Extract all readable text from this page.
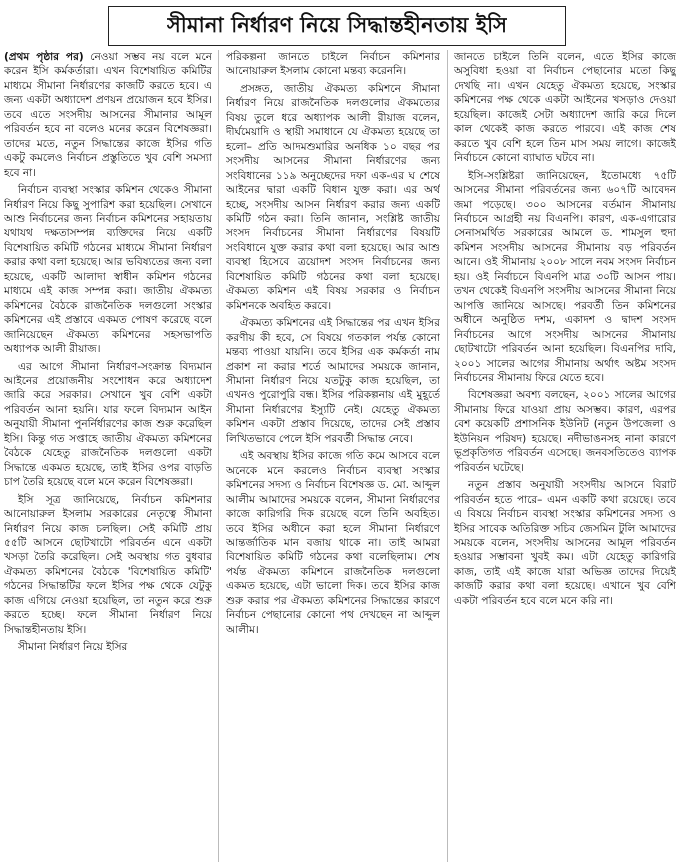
সীমানা নির্ধারণ নিয়ে সিদ্ধান্তহীনতায় ইসি

(প্রথম পৃষ্ঠার পর) নেওয়া সম্ভব নয় বলে মনে করেন ইসি কর্মকর্তারা। এখন বিশেষায়িত কমিটির মাধ্যমে সীমানা নির্ধারণের কাজটি করতে হবে। এ জন্য একটা অধ্যাদেশ প্রণয়ন প্রয়োজন হবে ইসির। তবে এতে সংসদীয় আসনের সীমানার আমূল পরিবর্তন হবে না বলেও মনের করেন বিশেষজ্ঞরা। তাদের মতে, নতুন সিদ্ধান্তের কাজে ইসির গতি একটু কমলেও নির্বাচন প্রস্তুতিতে খুব বেশি সমস্যা হবে না।

নির্বাচন ব্যবস্থা সংস্কার কমিশন থেকেও সীমানা নির্ধারণ নিয়ে কিছু সুপারিশ করা হয়েছিল। সেখানে আশু নির্বাচনের জন্য নির্বাচন কমিশনের সহায়তায় যথাযথ দক্ষতাসম্পন্ন ব্যক্তিদের নিয়ে একটি বিশেষায়িত কমিটি গঠনের মাধ্যমে সীমানা নির্ধারণ করার কথা বলা হয়েছে। আর ভবিষ্যতের জন্য বলা হয়েছে, একটি আলাদা স্বাধীন কমিশন গঠনের মাধ্যমে এই কাজ সম্পন্ন করা। জাতীয় ঐকমত্য কমিশনের বৈঠকে রাজনৈতিক দলগুলো সংস্কার কমিশনের এই প্রস্তাবে একমত পোষণ করেছে বলে জানিয়েছেন ঐকমত্য কমিশনের সহসভাপতি অধ্যাপক আলী রীয়াজ।

এর আগে সীমানা নির্ধারণ-সংক্রান্ত বিদ্যমান আইনের প্রয়োজনীয় সংশোধন করে অধ্যাদেশ জারি করে সরকার। সেখানে খুব বেশি একটা পরিবর্তন আনা হয়নি। যার ফলে বিদ্যমান আইন অনুযায়ী সীমানা পুনর্নির্ধারণের কাজ শুরু করেছিল ইসি। কিন্তু গত সপ্তাহে জাতীয় ঐকমত্য কমিশনের বৈঠকে যেহেতু রাজনৈতিক দলগুলো একটা সিদ্ধান্তে একমত হয়েছে, তাই ইসির ওপর বাড়তি চাপ তৈরি হয়েছে বলে মনে করেন বিশেষজ্ঞরা।

ইসি সূত্র জানিয়েছে, নির্বাচন কমিশনার আনোয়ারুল ইসলাম সরকারের নেতৃত্বে সীমানা নির্ধারণ নিয়ে কাজ চলছিল। সেই কমিটি প্রায় ৫৫টি আসনে ছোটখাটো পরিবর্তন এনে একটা খসড়া তৈরি করেছিল। সেই অবস্থায় গত বুধবার ঐকমত্য কমিশনের বৈঠকে 'বিশেষায়িত কমিটি' গঠনের সিদ্ধান্তটির ফলে ইসির পক্ষ থেকে যেটুকু কাজ এগিয়ে নেওয়া হয়েছিল, তা নতুন করে শুরু করতে হচ্ছে। ফলে সীমানা নির্ধারণ নিয়ে সিদ্ধান্তহীনতায় ইসি।

সীমানা নির্ধারণ নিয়ে ইসির

পরিকল্পনা জানতে চাইলে নির্বাচন কমিশনার আনোয়ারুল ইসলাম কোনো মন্তব্য করেননি।

প্রসঙ্গত, জাতীয় ঐকমত্য কমিশনে সীমানা নির্ধারণ নিয়ে রাজনৈতিক দলগুলোর ঐকমত্যের বিষয় তুলে ধরে অধ্যাপক আলী রীয়াজ বলেন, দীর্ঘমেয়াদি ও স্থায়ী সমাধানে যে ঐকমত্য হয়েছে তা হলো– প্রতি আদমশুমারির অনধিক ১০ বছর পর সংসদীয় আসনের সীমানা নির্ধারণের জন্য সংবিধানের ১১৯ অনুচ্ছেদের দফা এক-এর ঘ শেষে আইনের দ্বারা একটি বিধান যুক্ত করা। এর অর্থ হচ্ছে, সংসদীয় আসন নির্ধারণ করার জন্য একটি কমিটি গঠন করা। তিনি জানান, সংশ্লিষ্ট জাতীয় সংসদ নির্বাচনের সীমানা নির্ধারণের বিষয়টি সংবিধানে যুক্ত করার কথা বলা হয়েছে। আর আশু ব্যবস্থা হিসেবে ত্রয়োদশ সংসদ নির্বাচনের জন্য বিশেষায়িত কমিটি গঠনের কথা বলা হয়েছে। ঐকমত্য কমিশন এই বিষয় সরকার ও নির্বাচন কমিশনকে অবহিত করবে।

ঐকমত্য কমিশনের এই সিদ্ধান্তের পর এখন ইসির করণীয় কী হবে, সে বিষয়ে গতকাল পর্যন্ত কোনো মন্তব্য পাওয়া যায়নি। তবে ইসির এক কর্মকর্তা নাম প্রকাশ না করার শর্তে আমাদের সময়কে জানান, সীমানা নির্ধারণ নিয়ে যতটুকু কাজ হয়েছিল, তা এখনও পুরোপুরি বন্ধ। ইসির পরিকল্পনায় এই মুহূর্তে সীমানা নির্ধারণের ইস্যুটি নেই। যেহেতু ঐকমত্য কমিশন একটা প্রস্তাব দিয়েছে, তাদের সেই প্রস্তাব লিখিতভাবে পেলে ইসি পরবর্তী সিদ্ধান্ত নেবে।

এই অবস্থায় ইসির কাজে গতি কমে আসবে বলে অনেকে মনে করলেও নির্বাচন ব্যবস্থা সংস্কার কমিশনের সদস্য ও নির্বাচন বিশেষজ্ঞ ড. মো. আব্দুল আলীম আমাদের সময়কে বলেন, সীমানা নির্ধারণের কাজে কারিগরি দিক রয়েছে বলে তিনি অবহিত। তবে ইসির অধীনে করা হলে সীমানা নির্ধারণে আন্তর্জাতিক মান বজায় থাকে না। তাই আমরা বিশেষায়িত কমিটি গঠনের কথা বলেছিলাম। শেষ পর্যন্ত ঐকমত্য কমিশনে রাজনৈতিক দলগুলো একমত হয়েছে, এটা ভালো দিক। তবে ইসির কাজ শুরু করার পর ঐকমত্য কমিশনের সিদ্ধান্তের কারণে নির্বাচন পেছানোর কোনো পথ দেখছেন না আব্দুল আলীম।

জানতে চাইলে তিনি বলেন, এতে ইসির কাজে অসুবিধা হওয়া বা নির্বাচন পেছানোর মতো কিছু দেখছি না। এখন যেহেতু ঐকমত্য হয়েছে, সংস্কার কমিশনের পক্ষ থেকে একটা আইনের খসড়াও দেওয়া হয়েছিল। কাজেই সেটা অধ্যাদেশ জারি করে দিলে কাল থেকেই কাজ করতে পারবে। এই কাজ শেষ করতে খুব বেশি হলে তিন মাস সময় লাগে। কাজেই নির্বাচনে কোনো ব্যাঘাত ঘটবে না।

ইসি-সংশ্লিষ্টরা জানিয়েছেন, ইতোমধ্যে ৭৫টি আসনের সীমানা পরিবর্তনের জন্য ৬০৭টি আবেদন জমা পড়েছে। ৩০০ আসনের বর্তমান সীমানায় নির্বাচনে আগ্রহী নয় বিএনপি। কারণ, এক-এগারোর সেনাসমর্থিত সরকারের আমলে ড. শামসুল হুদা কমিশন সংসদীয় আসনের সীমানায় বড় পরিবর্তন আনে। ওই সীমানায় ২০০৮ সালে নবম সংসদ নির্বাচন হয়। ওই নির্বাচনে বিএনপি মাত্র ৩০টি আসন পায়। তখন থেকেই বিএনপি সংসদীয় আসনের সীমানা নিয়ে আপত্তি জানিয়ে আসছে। পরবর্তী তিন কমিশনের অধীনে অনুষ্ঠিত দশম, একাদশ ও দ্বাদশ সংসদ নির্বাচনের আগে সংসদীয় আসনের সীমানায় ছোটখাটো পরিবর্তন আনা হয়েছিল। বিএনপির দাবি, ২০০১ সালের আগের সীমানায় অর্থাৎ অষ্টম সংসদ নির্বাচনের সীমানায় ফিরে যেতে হবে।

বিশেষজ্ঞরা অবশ্য বলছেন, ২০০১ সালের আগের সীমানায় ফিরে যাওয়া প্রায় অসম্ভব। কারণ, এরপর বেশ কয়েকটি প্রশাসনিক ইউনিট (নতুন উপজেলা ও ইউনিয়ন পরিষদ) হয়েছে। নদীভাঙনসহ নানা কারণে ভূপ্রকৃতিগত পরিবর্তন এসেছে। জনবসতিতেও ব্যাপক পরিবর্তন ঘটেছে।

নতুন প্রস্তাব অনুযায়ী সংসদীয় আসনে বিরাট পরিবর্তন হতে পারে– এমন একটি কথা রয়েছে। তবে এ বিষয়ে নির্বাচন ব্যবস্থা সংস্কার কমিশনের সদস্য ও ইসির সাবেক অতিরিক্ত সচিব জেসমিন টুলি আমাদের সময়কে বলেন, সংসদীয় আসনের আমূল পরিবর্তন হওয়ার সম্ভাবনা খুবই কম। এটা যেহেতু কারিগরি কাজ, তাই এই কাজে যারা অভিজ্ঞ তাদের দিয়েই কাজটি করার কথা বলা হয়েছে। এখানে খুব বেশি একটা পরিবর্তন হবে বলে মনে করি না।
